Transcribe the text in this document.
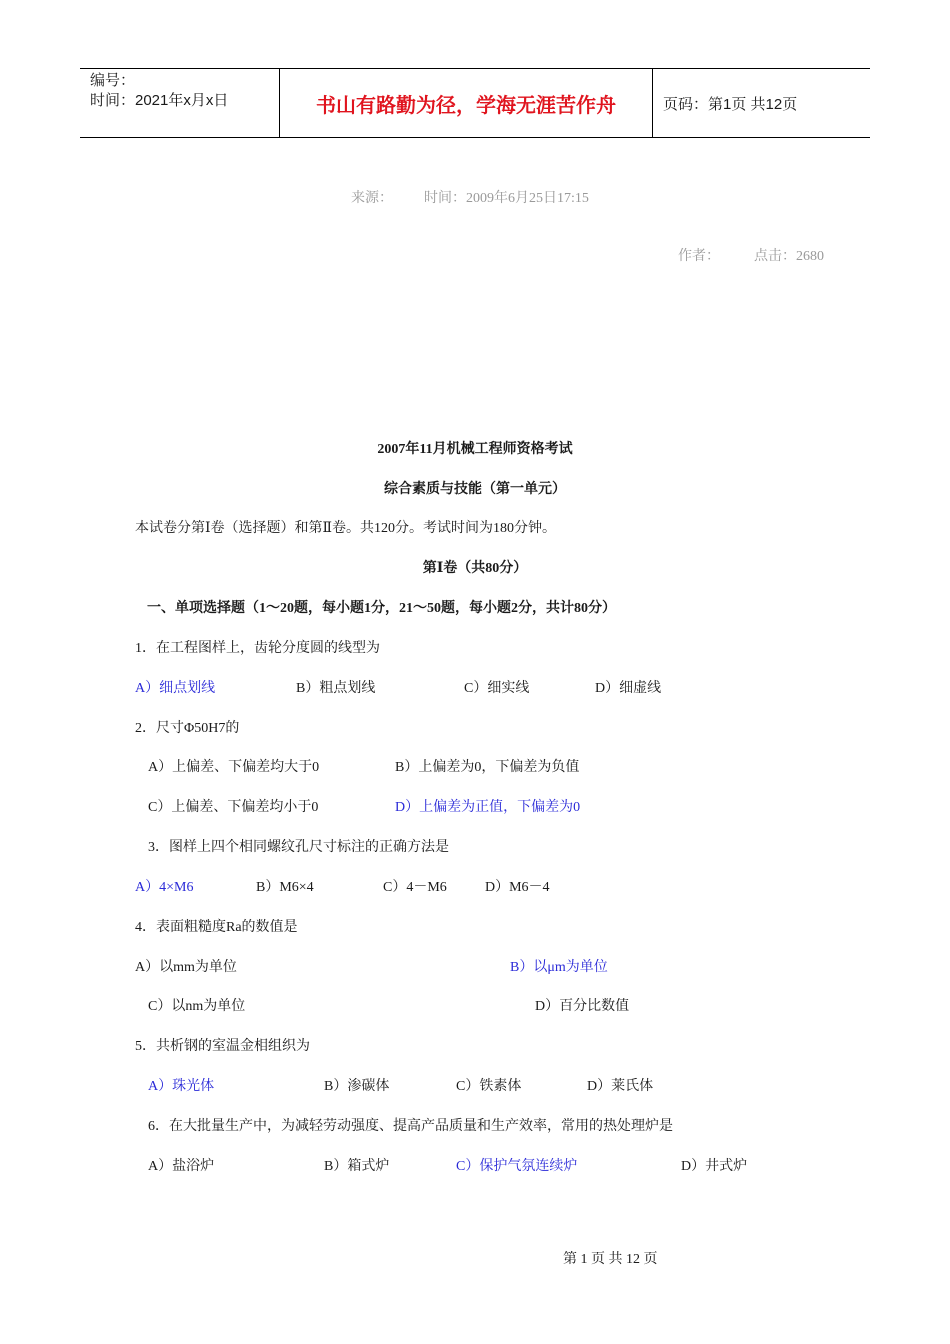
编号：
时间：2021年x月x日	书山有路勤为径，学海无涯苦作舟	页码：第1页 共12页
来源： 时间：2009年6月25日17:15
作者： 点击：2680
2007年11月机械工程师资格考试
综合素质与技能（第一单元）
本试卷分第Ⅰ卷（选择题）和第Ⅱ卷。共120分。考试时间为180分钟。
第Ⅰ卷（共80分）
一、单项选择题（1～20题，每小题1分，21～50题，每小题2分，共计80分）
1．在工程图样上，齿轮分度圆的线型为
A）细点划线	B）粗点划线	C）细实线	D）细虚线
2．尺寸Φ50H7的
A）上偏差、下偏差均大于0	B）上偏差为0，下偏差为负值
C）上偏差、下偏差均小于0	D）上偏差为正值，下偏差为0
3．图样上四个相同螺纹孔尺寸标注的正确方法是
A）4×M6	B）M6×4	C）4－M6	D）M6－4
4．表面粗糙度Ra的数值是
A）以mm为单位	B）以μm为单位
C）以nm为单位	D）百分比数值
5．共析钢的室温金相组织为
A）珠光体	B）渗碳体	C）铁素体	D）莱氏体
6．在大批量生产中，为减轻劳动强度、提高产品质量和生产效率，常用的热处理炉是
A）盐浴炉	B）箱式炉	C）保护气氛连续炉	D）井式炉
第 1 页 共 12 页
